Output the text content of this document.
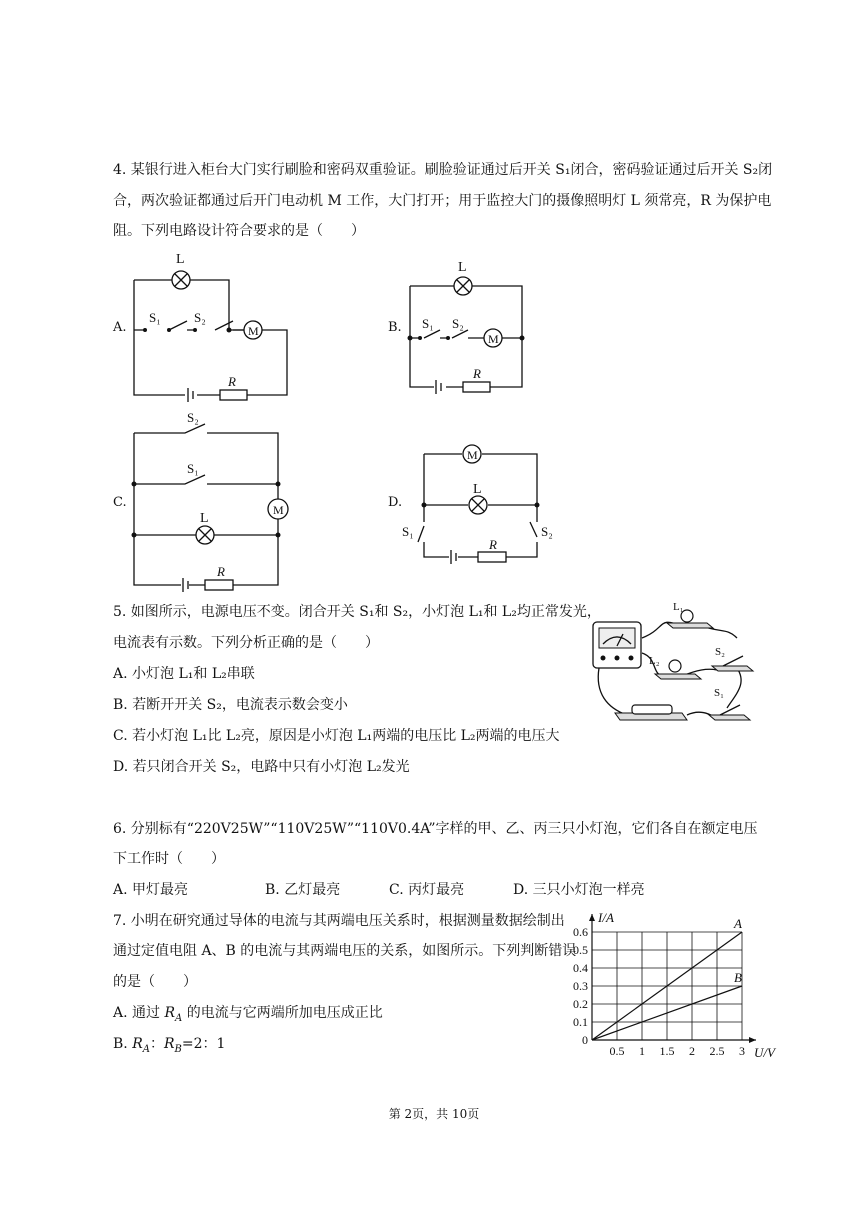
4. 某银行进入柜台大门实行刷脸和密码双重验证。刷脸验证通过后开关 S₁闭合，密码验证通过后开关 S₂闭
合，两次验证都通过后开门电动机 M 工作，大门打开；用于监控大门的摄像照明灯 L 须常亮，R 为保护电
阻。下列电路设计符合要求的是（　　）
A.	M
L
S₁	S₂
R
B.
M
L
S₁ S₂
R
C.	M
S₂
S₁
L
R
D.
M
L
S₁	S₂
R
5. 如图所示，电源电压不变。闭合开关 S₁和 S₂，小灯泡 L₁和 L₂均正常发光，
电流表有示数。下列分析正确的是（　　）
A. 小灯泡 L₁和 L₂串联
B. 若断开开关 S₂，电流表示数会变小
C. 若小灯泡 L₁比 L₂亮，原因是小灯泡 L₁两端的电压比 L₂两端的电压大
D. 若只闭合开关 S₂，电路中只有小灯泡 L₂发光
L₁
L₂
S₂
S₁
6. 分别标有“220V25W”“110V25W”“110V0.4A”字样的甲、乙、丙三只小灯泡，它们各自在额定电压
下工作时（　　）
A. 甲灯最亮	B. 乙灯最亮	C. 丙灯最亮	D. 三只小灯泡一样亮
7. 小明在研究通过导体的电流与其两端电压关系时，根据测量数据绘制出
通过定值电阻 A、B 的电流与其两端电压的关系，如图所示。下列判断错误
的是（　　）
A. 通过 $R_A$ 的电流与它两端所加电压成正比
B. $R_A$：$R_B=2$：1
A
B
0.5 1 1.5 2 2.5 3
0.1
0.2
0.3
0.4
0.5
0.6
0
U/V
I/A
第 2页，共 10页
